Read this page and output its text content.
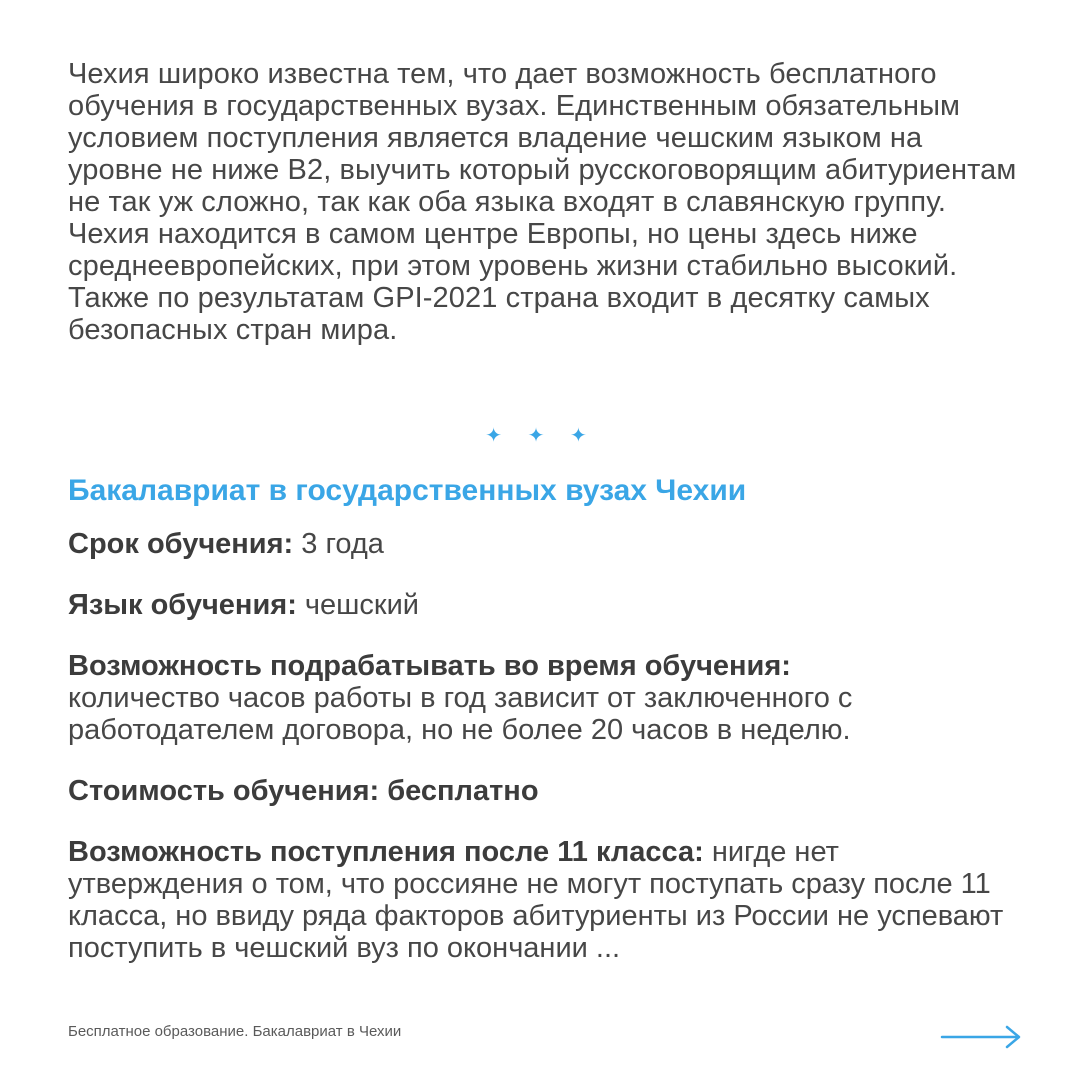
Чехия широко известна тем, что дает возможность бесплатного обучения в государственных вузах. Единственным обязательным условием поступления является владение чешским языком на уровне не ниже B2, выучить который русскоговорящим абитуриентам не так уж сложно, так как оба языка входят в славянскую группу. Чехия находится в самом центре Европы, но цены здесь ниже среднеевропейских, при этом уровень жизни стабильно высокий. Также по результатам GPI-2021 страна входит в десятку самых безопасных стран мира.

✦ ✦ ✦
Бакалавриат в государственных вузах Чехии

Срок обучения: 3 года

Язык обучения: чешский

Возможность подрабатывать во время обучения:
количество часов работы в год зависит от заключенного с работодателем договора, но не более 20 часов в неделю.

Стоимость обучения: бесплатно

Возможность поступления после 11 класса: нигде нет утверждения о том, что россияне не могут поступать сразу после 11 класса, но ввиду ряда факторов абитуриенты из России не успевают поступить в чешский вуз по окончании ...

Бесплатное образование. Бакалавриат в Чехии
